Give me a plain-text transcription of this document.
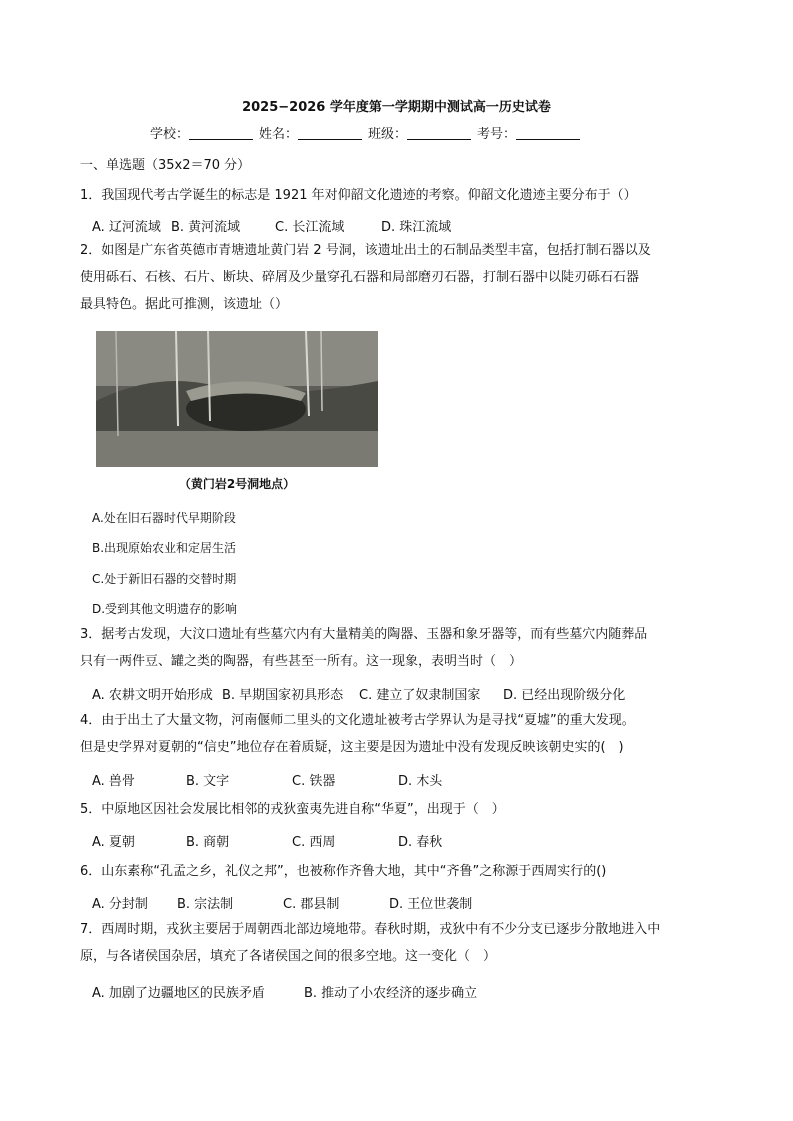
2025−2026 学年度第一学期期中测试高一历史试卷
学校：	姓名：	班级：	考号：
一、单选题（35x2＝70 分）
1．我国现代考古学诞生的标志是 1921 年对仰韶文化遗迹的考察。仰韶文化遗迹主要分布于（）
A. 辽河流域 B. 黄河流域	C. 长江流域	D. 珠江流域
2．如图是广东省英德市青塘遗址黄门岩 2 号洞，该遗址出土的石制品类型丰富，包括打制石器以及
使用砾石、石核、石片、断块、碎屑及少量穿孔石器和局部磨刃石器，打制石器中以陡刃砾石石器
最具特色。据此可推测，该遗址（）
（黄门岩2号洞地点）
A.处在旧石器时代早期阶段
B.出现原始农业和定居生活
C.处于新旧石器的交替时期
D.受到其他文明遗存的影响
3．据考古发现，大汶口遗址有些墓穴内有大量精美的陶器、玉器和象牙器等，而有些墓穴内随葬品
只有一两件豆、罐之类的陶器，有些甚至一所有。这一现象，表明当时（　）
A. 农耕文明开始形成 B. 早期国家初具形态 C. 建立了奴隶制国家 D. 已经出现阶级分化
4．由于出土了大量文物，河南偃师二里头的文化遗址被考古学界认为是寻找“夏墟”的重大发现。
但是史学界对夏朝的“信史”地位存在着质疑，这主要是因为遗址中没有发现反映该朝史实的(　)
A. 兽骨	B. 文字	C. 铁器	D. 木头
5．中原地区因社会发展比相邻的戎狄蛮夷先进自称“华夏”，出现于（　）
A. 夏朝	B. 商朝	C. 西周	D. 春秋
6．山东素称“孔孟之乡，礼仪之邦”，也被称作齐鲁大地，其中“齐鲁”之称源于西周实行的()
A. 分封制 B. 宗法制	C. 郡县制	D. 王位世袭制
7．西周时期，戎狄主要居于周朝西北部边境地带。春秋时期，戎狄中有不少分支已逐步分散地进入中
原，与各诸侯国杂居，填充了各诸侯国之间的很多空地。这一变化（　）
A. 加剧了边疆地区的民族矛盾	B. 推动了小农经济的逐步确立
